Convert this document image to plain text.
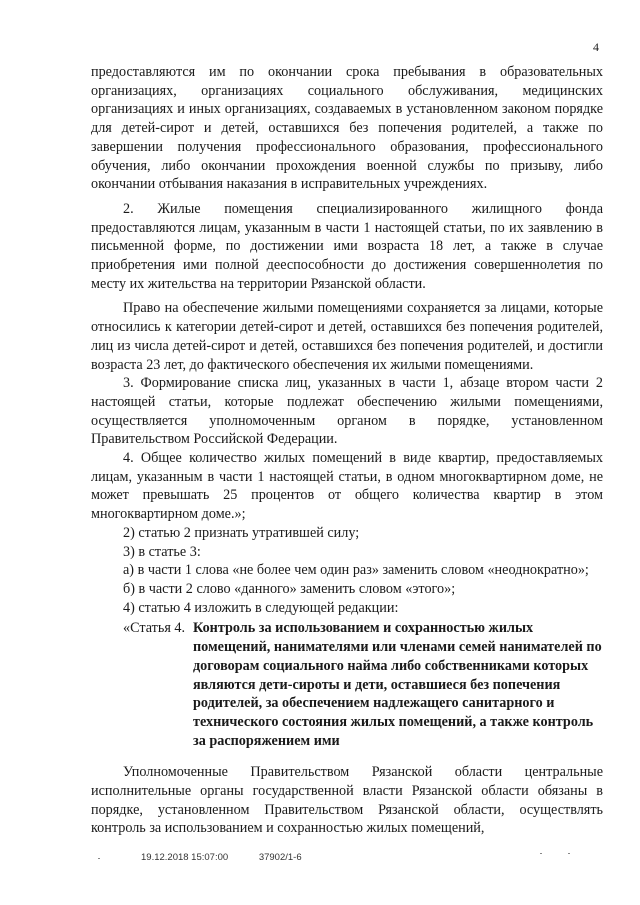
4

предоставляются им по окончании срока пребывания в образовательных организациях, организациях социального обслуживания, медицинских организациях и иных организациях, создаваемых в установленном законом порядке для детей-сирот и детей, оставшихся без попечения родителей, а также по завершении получения профессионального образования, профессионального обучения, либо окончании прохождения военной службы по призыву, либо окончании отбывания наказания в исправительных учреждениях.

2. Жилые помещения специализированного жилищного фонда предоставляются лицам, указанным в части 1 настоящей статьи, по их заявлению в письменной форме, по достижении ими возраста 18 лет, а также в случае приобретения ими полной дееспособности до достижения совершеннолетия по месту их жительства на территории Рязанской области.

Право на обеспечение жилыми помещениями сохраняется за лицами, которые относились к категории детей-сирот и детей, оставшихся без попечения родителей, лиц из числа детей-сирот и детей, оставшихся без попечения родителей, и достигли возраста 23 лет, до фактического обеспечения их жилыми помещениями.

3. Формирование списка лиц, указанных в части 1, абзаце втором части 2 настоящей статьи, которые подлежат обеспечению жилыми помещениями, осуществляется уполномоченным органом в порядке, установленном Правительством Российской Федерации.

4. Общее количество жилых помещений в виде квартир, предоставляемых лицам, указанным в части 1 настоящей статьи, в одном многоквартирном доме, не может превышать 25 процентов от общего количества квартир в этом многоквартирном доме.»;

2) статью 2 признать утратившей силу;

3) в статье 3:

а) в части 1 слова «не более чем один раз» заменить словом «неоднократно»;

б) в части 2 слово «данного» заменить словом «этого»;

4) статью 4 изложить в следующей редакции:

«Статья 4. Контроль за использованием и сохранностью жилых помещений, нанимателями или членами семей нанимателей по договорам социального найма либо собственниками которых являются дети-сироты и дети, оставшиеся без попечения родителей, за обеспечением надлежащего санитарного и технического состояния жилых помещений, а также контроль за распоряжением ими

Уполномоченные Правительством Рязанской области центральные исполнительные органы государственной власти Рязанской области обязаны в порядке, установленном Правительством Рязанской области, осуществлять контроль за использованием и сохранностью жилых помещений,

19.12.2018 15:07:00	37902/1-6
